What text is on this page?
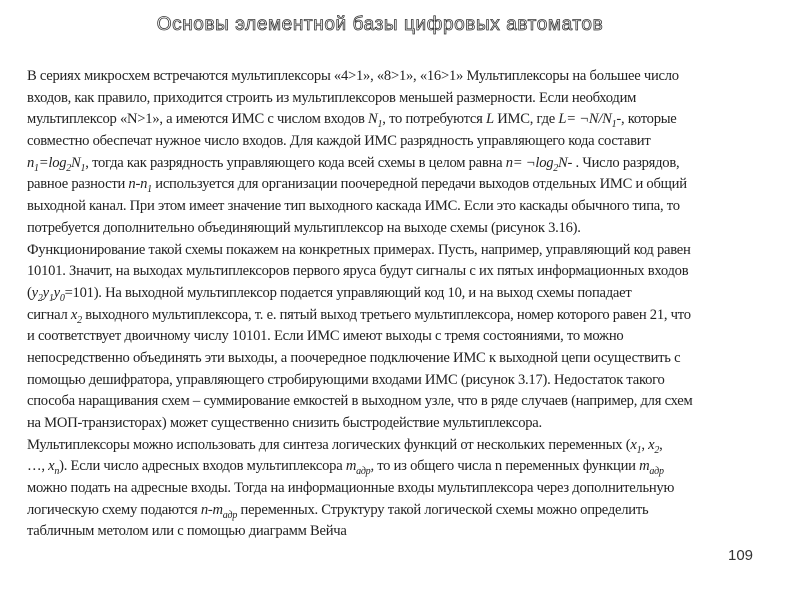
Основы элементной базы цифровых автоматов
В сериях микросхем встречаются мультиплексоры «4>1», «8>1», «16>1» Мультиплексоры на большее число
входов, как правило, приходится строить из мультиплексоров меньшей размерности. Если необходим
мультиплексор «N>1», а имеются ИМС с числом входов $N_1$, то потребуются L ИМС, где $L= \neg N/N_1-$, которые
совместно обеспечат нужное число входов. Для каждой ИМС разрядность управляющего кода составит
$n_1=\log_2N_1$, тогда как разрядность управляющего кода всей схемы в целом равна $n= \neg\log_2N-$ . Число разрядов,
равное разности $n-n_1$ используется для организации поочередной передачи выходов отдельных ИМС и общий
выходной канал. При этом имеет значение тип выходного каскада ИМС. Если это каскады обычного типа, то
потребуется дополнительно объединяющий мультиплексор на выходе схемы (рисунок 3.16).
Функционирование такой схемы покажем на конкретных примерах. Пусть, например, управляющий код равен
10101. Значит, на выходах мультиплексоров первого яруса будут сигналы с их пятых информационных входов
$(y_2y_1y_0=101)$. На выходной мультиплексор подается управляющий код 10, и на выход схемы попадает
сигнал $x_2$ выходного мультиплексора, т. е. пятый выход третьего мультиплексора, номер которого равен 21, что
и соответствует двоичному числу 10101. Если ИМС имеют выходы с тремя состояниями, то можно
непосредственно объединять эти выходы, а поочередное подключение ИМС к выходной цепи осуществить с
помощью дешифратора, управляющего стробирующими входами ИМС (рисунок 3.17). Недостаток такого
способа наращивания схем – суммирование емкостей в выходном узле, что в ряде случаев (например, для схем
на МОП-транзисторах) может существенно снизить быстродействие мультиплексора.
Мультиплексоры можно использовать для синтеза логических функций от нескольких переменных ($x_1$, $x_2$,
…, $x_n$). Если число адресных входов мультиплексора $m_{адр}$, то из общего числа n переменных функции $m_{адр}$
можно подать на адресные входы. Тогда на информационные входы мультиплексора через дополнительную
логическую схему подаются $n-m_{адр}$ переменных. Структуру такой логической схемы можно определить
табличным метолом или с помощью диаграмм Вейча
109
